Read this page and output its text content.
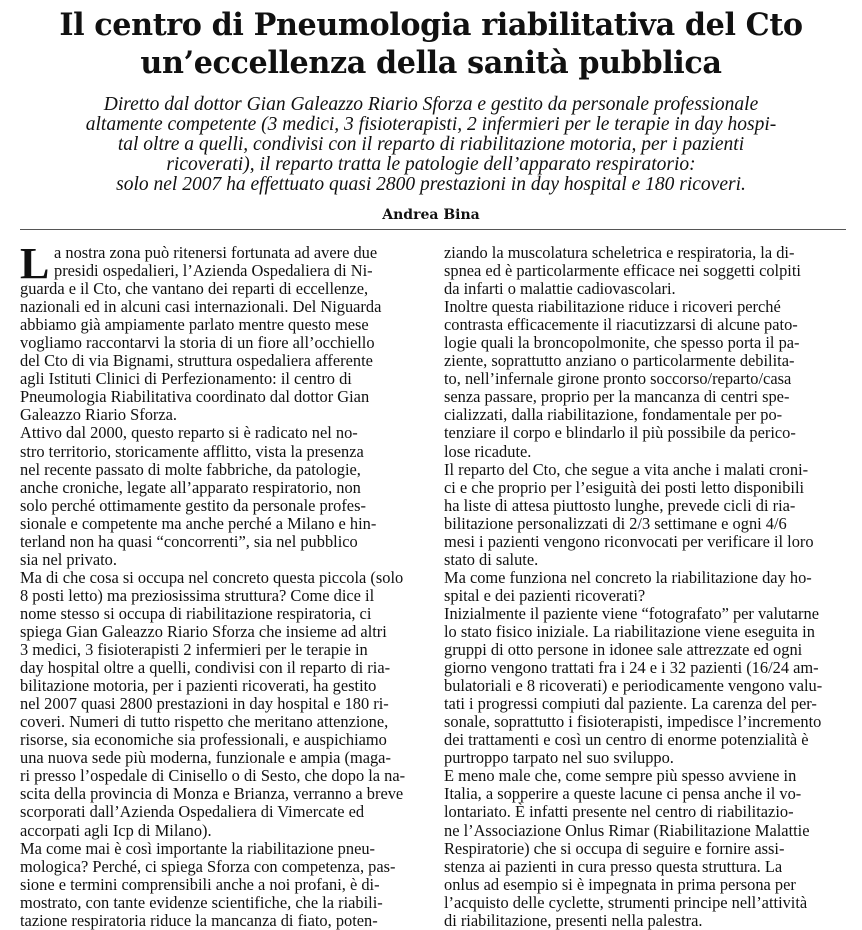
Il centro di Pneumologia riabilitativa del Cto
un’eccellenza della sanità pubblica
Diretto dal dottor Gian Galeazzo Riario Sforza e gestito da personale professionale
altamente competente (3 medici, 3 fisioterapisti, 2 infermieri per le terapie in day hospi-
tal oltre a quelli, condivisi con il reparto di riabilitazione motoria, per i pazienti
ricoverati), il reparto tratta le patologie dell’apparato respiratorio:
solo nel 2007 ha effettuato quasi 2800 prestazioni in day hospital e 180 ricoveri.
Andrea Bina
L a nostra zona può ritenersi fortunata ad avere due
presidi ospedalieri, l’Azienda Ospedaliera di Ni-
guarda e il Cto, che vantano dei reparti di eccellenze,
nazionali ed in alcuni casi internazionali. Del Niguarda
abbiamo già ampiamente parlato mentre questo mese
vogliamo raccontarvi la storia di un fiore all’occhiello
del Cto di via Bignami, struttura ospedaliera afferente
agli Istituti Clinici di Perfezionamento: il centro di
Pneumologia Riabilitativa coordinato dal dottor Gian
Galeazzo Riario Sforza.
Attivo dal 2000, questo reparto si è radicato nel no-
stro territorio, storicamente afflitto, vista la presenza
nel recente passato di molte fabbriche, da patologie,
anche croniche, legate all’apparato respiratorio, non
solo perché ottimamente gestito da personale profes-
sionale e competente ma anche perché a Milano e hin-
terland non ha quasi “concorrenti”, sia nel pubblico
sia nel privato.
Ma di che cosa si occupa nel concreto questa piccola (solo
8 posti letto) ma preziosissima struttura? Come dice il
nome stesso si occupa di riabilitazione respiratoria, ci
spiega Gian Galeazzo Riario Sforza che insieme ad altri
3 medici, 3 fisioterapisti 2 infermieri per le terapie in
day hospital oltre a quelli, condivisi con il reparto di ria-
bilitazione motoria, per i pazienti ricoverati, ha gestito
nel 2007 quasi 2800 prestazioni in day hospital e 180 ri-
coveri. Numeri di tutto rispetto che meritano attenzione,
risorse, sia economiche sia professionali, e auspichiamo
una nuova sede più moderna, funzionale e ampia (maga-
ri presso l’ospedale di Cinisello o di Sesto, che dopo la na-
scita della provincia di Monza e Brianza, verranno a breve
scorporati dall’Azienda Ospedaliera di Vimercate ed
accorpati agli Icp di Milano).
Ma come mai è così importante la riabilitazione pneu-
mologica? Perché, ci spiega Sforza con competenza, pas-
sione e termini comprensibili anche a noi profani, è di-
mostrato, con tante evidenze scientifiche, che la riabili-
tazione respiratoria riduce la mancanza di fiato, poten-
ziando la muscolatura scheletrica e respiratoria, la di-
spnea ed è particolarmente efficace nei soggetti colpiti
da infarti o malattie cadiovascolari.
Inoltre questa riabilitazione riduce i ricoveri perché
contrasta efficacemente il riacutizzarsi di alcune pato-
logie quali la broncopolmonite, che spesso porta il pa-
ziente, soprattutto anziano o particolarmente debilita-
to, nell’infernale girone pronto soccorso/reparto/casa
senza passare, proprio per la mancanza di centri spe-
cializzati, dalla riabilitazione, fondamentale per po-
tenziare il corpo e blindarlo il più possibile da perico-
lose ricadute.
Il reparto del Cto, che segue a vita anche i malati croni-
ci e che proprio per l’esiguità dei posti letto disponibili
ha liste di attesa piuttosto lunghe, prevede cicli di ria-
bilitazione personalizzati di 2/3 settimane e ogni 4/6
mesi i pazienti vengono riconvocati per verificare il loro
stato di salute.
Ma come funziona nel concreto la riabilitazione day ho-
spital e dei pazienti ricoverati?
Inizialmente il paziente viene “fotografato” per valutarne
lo stato fisico iniziale. La riabilitazione viene eseguita in
gruppi di otto persone in idonee sale attrezzate ed ogni
giorno vengono trattati fra i 24 e i 32 pazienti (16/24 am-
bulatoriali e 8 ricoverati) e periodicamente vengono valu-
tati i progressi compiuti dal paziente. La carenza del per-
sonale, soprattutto i fisioterapisti, impedisce l’incremento
dei trattamenti e così un centro di enorme potenzialità è
purtroppo tarpato nel suo sviluppo.
E meno male che, come sempre più spesso avviene in
Italia, a sopperire a queste lacune ci pensa anche il vo-
lontariato. È infatti presente nel centro di riabilitazio-
ne l’Associazione Onlus Rimar (Riabilitazione Malattie
Respiratorie) che si occupa di seguire e fornire assi-
stenza ai pazienti in cura presso questa struttura. La
onlus ad esempio si è impegnata in prima persona per
l’acquisto delle cyclette, strumenti principe nell’attività
di riabilitazione, presenti nella palestra.
